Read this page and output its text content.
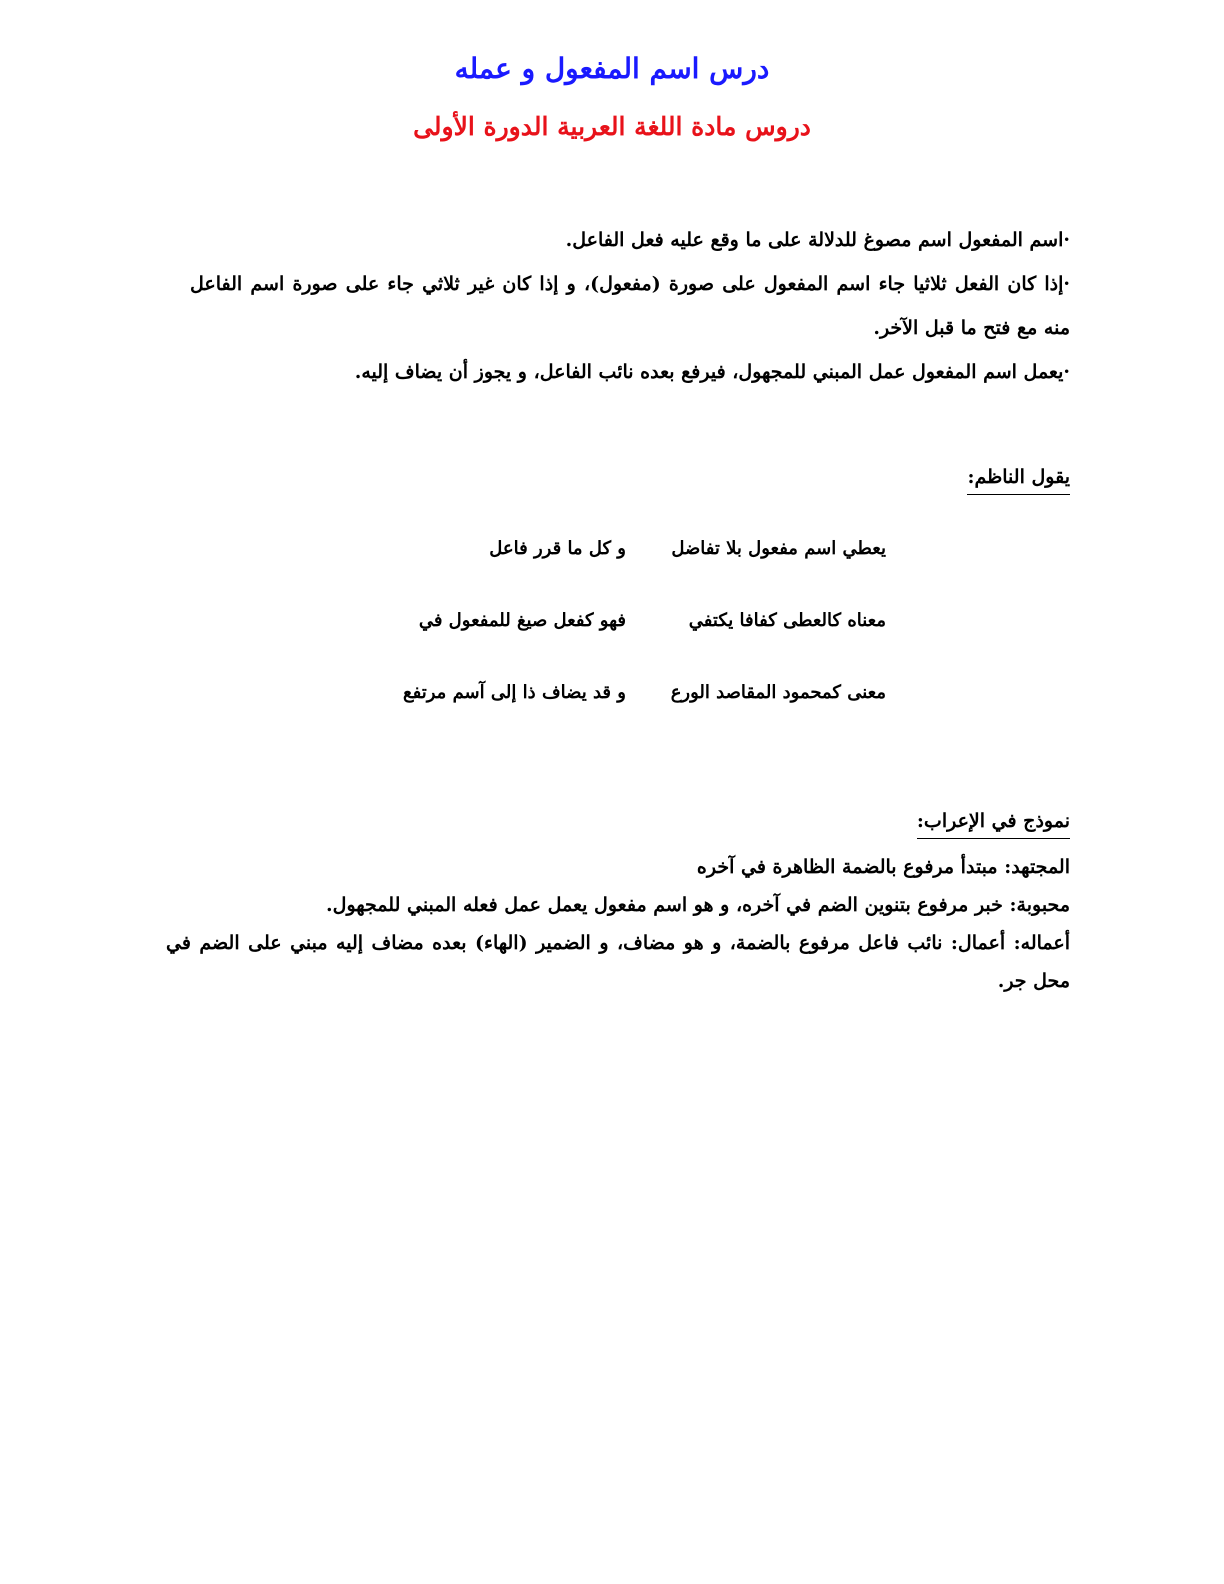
درس اسم المفعول و عمله
دروس مادة اللغة العربية الدورة الأولى

·اسم المفعول اسم مصوغ للدلالة على ما وقع عليه فعل الفاعل.

·إذا كان الفعل ثلاثيا جاء اسم المفعول على صورة (مفعول)، و إذا كان غير ثلاثي جاء على صورة اسم الفاعل منه مع فتح ما قبل الآخر.

·يعمل اسم المفعول عمل المبني للمجهول، فيرفع بعده نائب الفاعل، و يجوز أن يضاف إليه.

يقول الناظم:
يعطي اسم مفعول بلا تفاضل
و كل ما قرر فاعل
معناه كالعطى كفافا يكتفي
فهو كفعل صيغ للمفعول في
معنى كمحمود المقاصد الورع
و قد يضاف ذا إلى آسم مرتفع
نموذج في الإعراب:

المجتهد: مبتدأ مرفوع بالضمة الظاهرة في آخره

محبوبة: خبر مرفوع بتنوين الضم في آخره، و هو اسم مفعول يعمل عمل فعله المبني للمجهول.

أعماله: أعمال: نائب فاعل مرفوع بالضمة، و هو مضاف، و الضمير (الهاء) بعده مضاف إليه مبني على الضم في محل جر.
